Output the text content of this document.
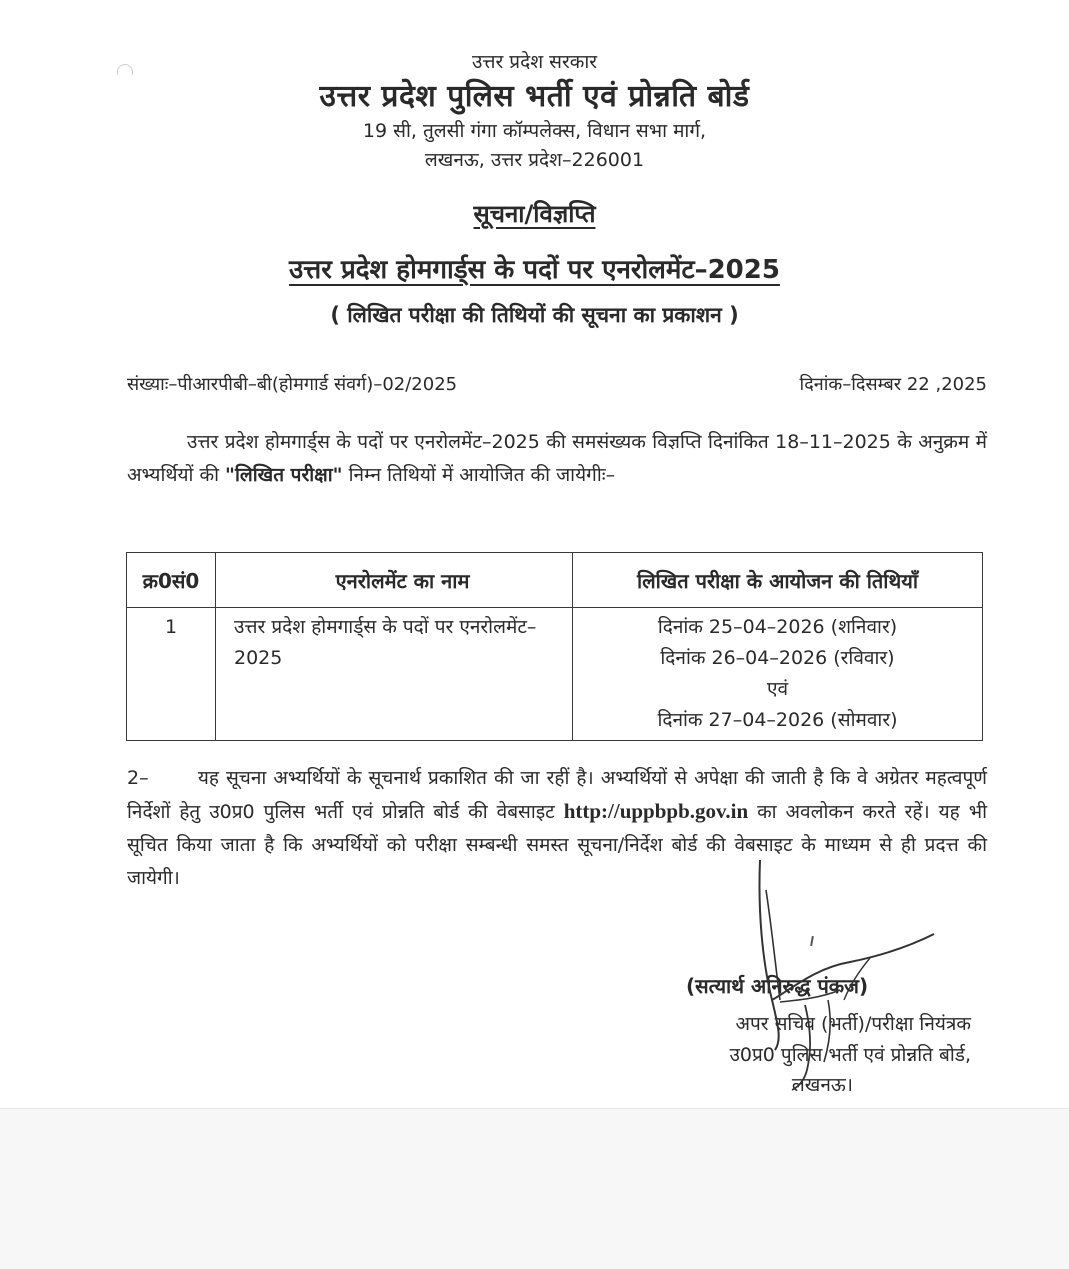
उत्तर प्रदेश सरकार
उत्तर प्रदेश पुलिस भर्ती एवं प्रोन्नति बोर्ड
19 सी, तुलसी गंगा कॉम्पलेक्स, विधान सभा मार्ग,
लखनऊ, उत्तर प्रदेश–226001
सूचना/विज्ञप्ति
उत्तर प्रदेश होमगार्ड्स के पदों पर एनरोलमेंट–2025
( लिखित परीक्षा की तिथियों की सूचना का प्रकाशन )
संख्याः–पीआरपीबी–बी(होमगार्ड संवर्ग)–02/2025	दिनांक–दिसम्बर 22 ,2025
उत्तर प्रदेश होमगार्ड्स के पदों पर एनरोलमेंट–2025 की समसंख्यक विज्ञप्ति दिनांकित 18–11–2025 के अनुक्रम में अभ्यर्थियों की "लिखित परीक्षा" निम्न तिथियों में आयोजित की जायेगीः–
क्र0सं0	एनरोलमेंट का नाम	लिखित परीक्षा के आयोजन की तिथियाँ
1	उत्तर प्रदेश होमगार्ड्स के पदों पर एनरोलमेंट–2025	दिनांक 25–04–2026 (शनिवार)
दिनांक 26–04–2026 (रविवार)
एवं
दिनांक 27–04–2026 (सोमवार)
2–	यह सूचना अभ्यर्थियों के सूचनार्थ प्रकाशित की जा रहीं है। अभ्यर्थियों से अपेक्षा की जाती है कि वे अग्रेतर महत्वपूर्ण निर्देशों हेतु उ0प्र0 पुलिस भर्ती एवं प्रोन्नति बोर्ड की वेबसाइट http://uppbpb.gov.in का अवलोकन करते रहें। यह भी सूचित किया जाता है कि अभ्यर्थियों को परीक्षा सम्बन्धी समस्त सूचना/निर्देश बोर्ड की वेबसाइट के माध्यम से ही प्रदत्त की जायेगी।
(सत्यार्थ अनिरुद्ध पंकज)
अपर सचिव (भर्ती)/परीक्षा नियंत्रक
उ0प्र0 पुलिस भर्ती एवं प्रोन्नति बोर्ड,
लखनऊ।
